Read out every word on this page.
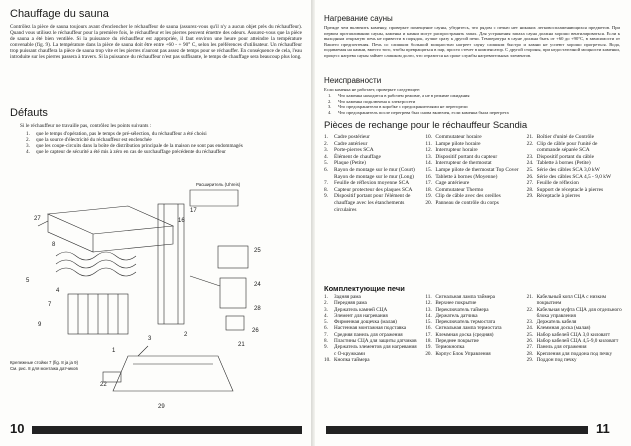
Chauffage du sauna
Contrôlez la pièce de sauna toujours avant d'enclencher le réchauffeur de sauna (assurez-vous qu'il n'y a aucun objet près du réchauffeur). Quand vous utilisez le réchauffeur pour la première fois, le réchauffeur et les pierres peuvent émettre des odeurs. Assurez-vous que la pièce de sauna a été bien ventilée. Si la puissance du réchauffeur est appropriée, il faut environ une heure pour atteindre la température convenable (fig. 9). La température dans la pièce de sauna doit être entre +60 - + 90° C, selon les préférences d'utilisateur. Un réchauffeur trop puissant chauffera la pièce de sauna trop vite et les pierres n'auront pas assez de temps pour se réchauffer. En conséquence de cela, l'eau introduite sur les pierres passera à travers. Si la puissance du réchauffeur n'est pas suffisante, le temps de chauffage sera beaucoup plus long.
Défauts
Si le réchauffeur ne travaille pas, contrôlez les points suivants :
1. que le temps d'opération, pas le temps de pré-sélection, du réchauffeur a été choisi
2. que la source d'électricité du réchauffeur est enclenchée
3. que les coupe-circuits dans la boîte de distribution principale de la maison ne sont pas endommagés
4. que le capteur de sécurité a été mis à zéro en cas de surchauffage précédente du réchauffeur
Расширитель (Uhreis)
Крепежные стойки 7 (fig. 8 ja ja 9)
См. рис. 8 для монтажа датчиков
27
8
5
17
25
24
28
26
9
4
7
3
1
2
16
21
22
29
10
Нагревание сауны
Прежде чем включить каменку, проверьте помещение сауны, убедитесь, что рядом с печью нет никаких легковоспламеняющихся предметов. При первом протапливании сауны, каменка и камни могут распространять запах. Для устранения запаха сауна должна хорошо вентилироваться. Если к выходным открытую печь не привести в порядок, лучше сразу к другой печи. Температура в сауне должна быть от +60 до +90°C, в зависимости от Вашего предпочтения. Печь со слишком большой мощностью нагреет сауну слишком быстро и камни не успеют хорошо прогреться. Вода, подаваемая на камни, вместо того, чтобы превращаться в пар, просто стечет в компенсатор. С другой стороны, при недостаточной мощности каменки, процесс нагрева сауны займет слишком долго, что отразится на сроке службы нагревательных элементов.
Неисправности
Если каменка не работает, проверьте следующее:
1. Что каменка находится в рабочем режиме, а не в режиме ожидания
2. Что каменка подключена к электросети
3. Что предохранители в коробке с предохранителями не перегорели
4. Что предохранитель после перегрева был снова включен, если каменка была перегрета
Pièces de rechange pour le réchauffeur Scandia
1. Cadre postérieur
2. Cadre antérieur
3. Porte-pierres SCA
4. Élément de chauffage
5. Plaque (Petite)
6. Rayon de montage sur le mur (Court)
Rayon de montage sur le mur (Long)
7. Feuille de réflexion moyenne SCA
8. Capteur protecteur des plaques SCA
9. Dispositif portant pour l'élément de chauffage avec les étanchements circulaires
10. Commutateur horaire
11. Lampe pilote horaire
12. Interrupteur horaire
13. Dispositif portant du capteur
14. Interrupteur de thermostat
15. Lampe pilote de thermostat Top Cover
16. Tablette à bornes (Moyenne)
17. Cage antérieure
18. Commutateur Thermo
19. Clip de câble avec des oreilles
20. Panneau de contrôle du corps
21. Boîtier d'unité de Contrôle
22. Clip de câble pour l'unité de commande séparée SCA
23. Dispositif portant du câble
24. Tablette à bornes (Petite)
25. Série des câbles SCA 3,0 kW
26. Série des câbles SCA 4,5 - 9,0 kW
27. Feuille de réflexion
28. Support de réceptacle à pierres
29. Réceptacle à pierres
Комплектующие печи
1. Задняя рама
2. Передняя рама
3. Держатель камней СЦА
4. Элемент для нагревания
5. Фирменная дощечка (малая)
6. Настенная монтажная подставка
7. Средняя панель для отражения
8. Пластины СЦА для защиты датчиков
9. Держатель элементов для нагревания с О-кружками
10. Кнопка таймера
11. Сигнальная лампа таймера
12. Верхнее покрытие
13. Переключатель таймера
14. Держатель датчика
15. Переключатель термостата
16. Сигнальная лампа термостата
17. Клеммная доска (средняя)
18. Переднее покрытие
19. Термокнопка
20. Корпус Блок Управления
21. Кабельный копл СЦА с низким покрытием
22. Кабельная муфта СЦА для отдельного блока управления
23. Держатель кабеля
24. Клеммная доска (малая)
25. Набор кабелей СЦА 3,0 киловатт
26. Набор кабелей СЦА 4,5-9,0 киловатт
27. Панель для отражения
28. Крепления для поддона под печку
29. Поддон под печку
11
